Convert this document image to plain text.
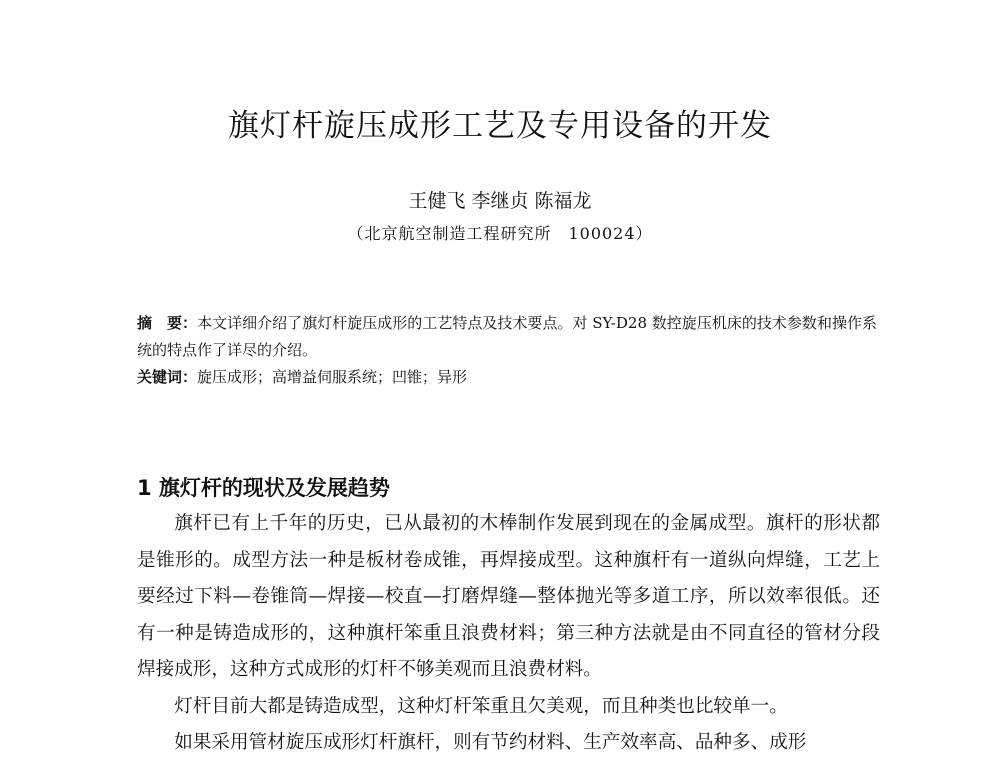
旗灯杆旋压成形工艺及专用设备的开发
王健飞 李继贞 陈福龙
（北京航空制造工程研究所　100024）

摘　要：本文详细介绍了旗灯杆旋压成形的工艺特点及技术要点。对 SY-D28 数控旋压机床的技术参数和操作系统的特点作了详尽的介绍。

关键词：旋压成形；高增益伺服系统；凹锥；异形

1 旗灯杆的现状及发展趋势

旗杆已有上千年的历史，已从最初的木棒制作发展到现在的金属成型。旗杆的形状都是锥形的。成型方法一种是板材卷成锥，再焊接成型。这种旗杆有一道纵向焊缝，工艺上要经过下料—卷锥筒—焊接—校直—打磨焊缝—整体抛光等多道工序，所以效率很低。还有一种是铸造成形的，这种旗杆笨重且浪费材料；第三种方法就是由不同直径的管材分段焊接成形，这种方式成形的灯杆不够美观而且浪费材料。

灯杆目前大都是铸造成型，这种灯杆笨重且欠美观，而且种类也比较单一。

如果采用管材旋压成形灯杆旗杆，则有节约材料、生产效率高、品种多、成形
